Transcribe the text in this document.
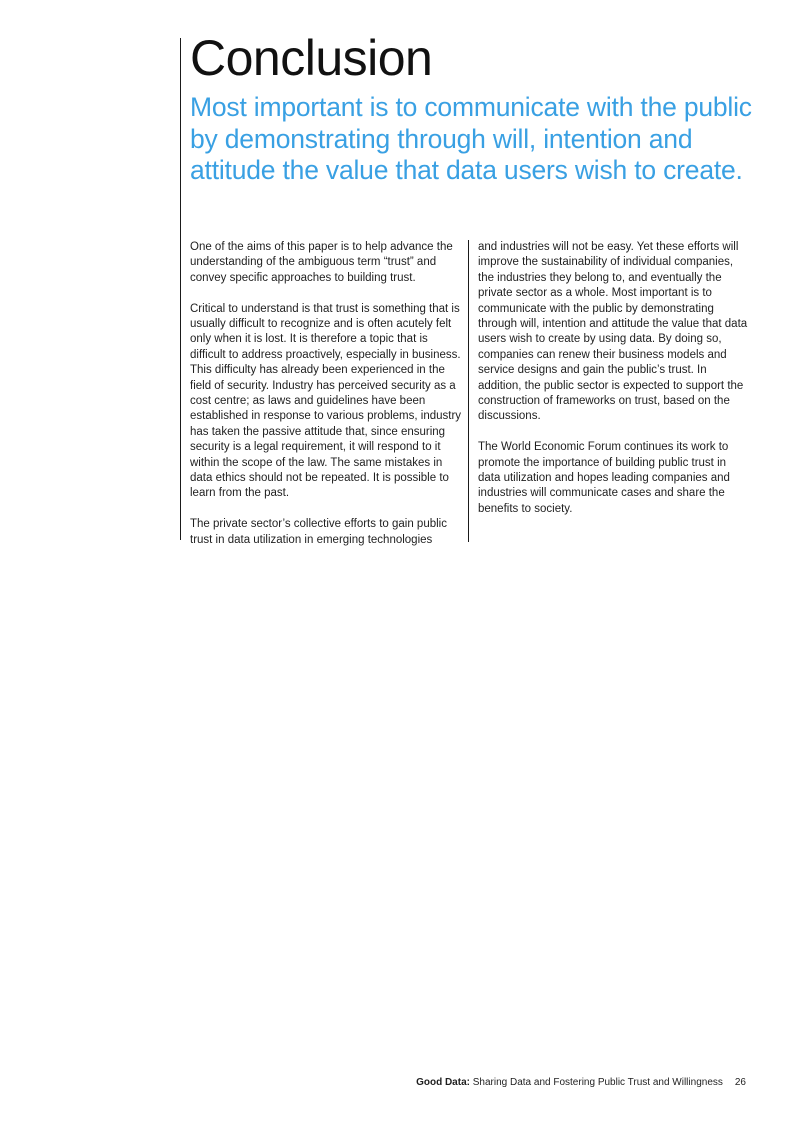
Conclusion

Most important is to communicate with the public by demonstrating through will, intention and attitude the value that data users wish to create.

One of the aims of this paper is to help advance the understanding of the ambiguous term “trust” and convey specific approaches to building trust.

Critical to understand is that trust is something that is usually difficult to recognize and is often acutely felt only when it is lost. It is therefore a topic that is difficult to address proactively, especially in business. This difficulty has already been experienced in the field of security. Industry has perceived security as a cost centre; as laws and guidelines have been established in response to various problems, industry has taken the passive attitude that, since ensuring security is a legal requirement, it will respond to it within the scope of the law. The same mistakes in data ethics should not be repeated. It is possible to learn from the past.

The private sector’s collective efforts to gain public trust in data utilization in emerging technologies

and industries will not be easy. Yet these efforts will improve the sustainability of individual companies, the industries they belong to, and eventually the private sector as a whole. Most important is to communicate with the public by demonstrating through will, intention and attitude the value that data users wish to create by using data. By doing so, companies can renew their business models and service designs and gain the public’s trust. In addition, the public sector is expected to support the construction of frameworks on trust, based on the discussions.

The World Economic Forum continues its work to promote the importance of building public trust in data utilization and hopes leading companies and industries will communicate cases and share the benefits to society.

Good Data: Sharing Data and Fostering Public Trust and Willingness 26
